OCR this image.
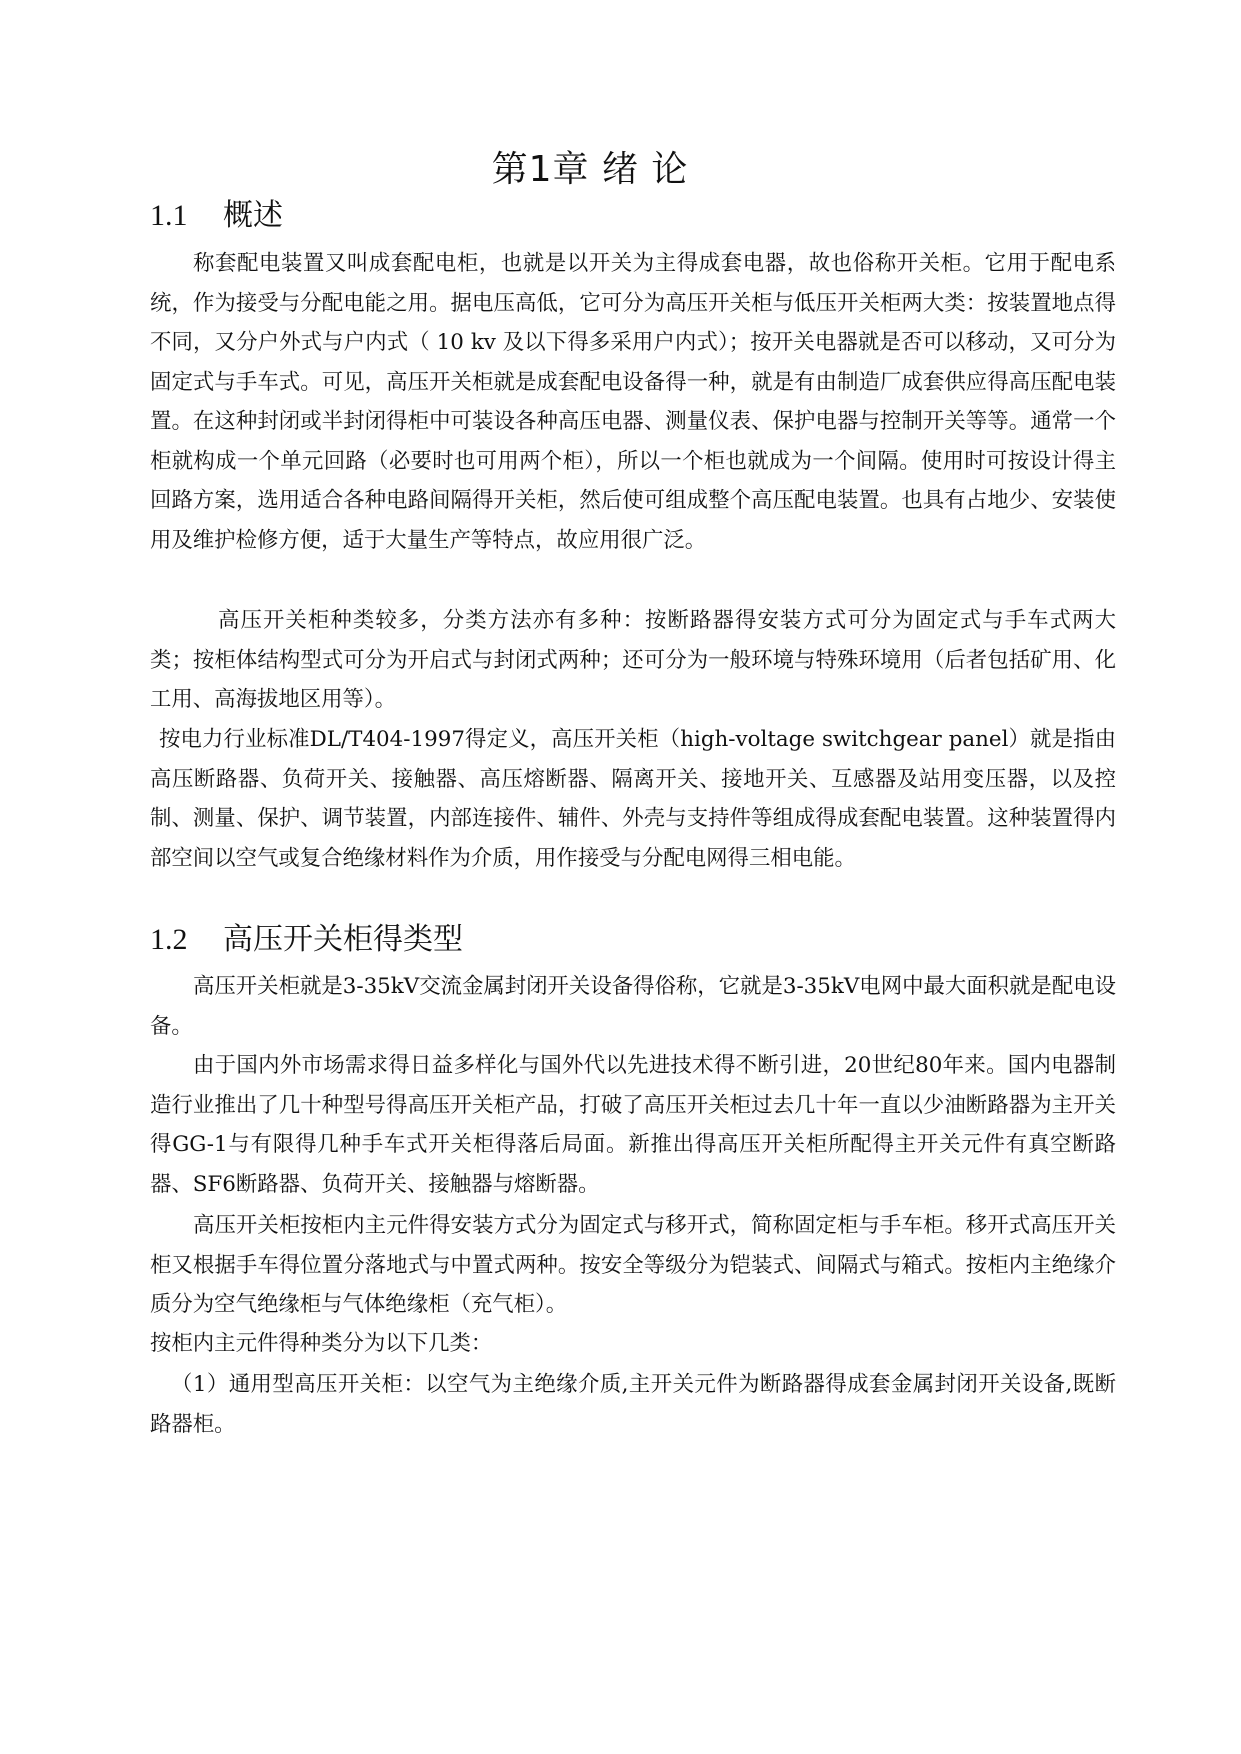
第1章 绪 论
1.1 概述

称套配电装置又叫成套配电柜，也就是以开关为主得成套电器，故也俗称开关柜。它用于配电系统，作为接受与分配电能之用。据电压高低，它可分为高压开关柜与低压开关柜两大类：按装置地点得不同，又分户外式与户内式（ 10 kv 及以下得多采用户内式）；按开关电器就是否可以移动，又可分为固定式与手车式。可见，高压开关柜就是成套配电设备得一种，就是有由制造厂成套供应得高压配电装置。在这种封闭或半封闭得柜中可装设各种高压电器、测量仪表、保护电器与控制开关等等。通常一个柜就构成一个单元回路（必要时也可用两个柜），所以一个柜也就成为一个间隔。使用时可按设计得主回路方案，选用适合各种电路间隔得开关柜，然后使可组成整个高压配电装置。也具有占地少、安装使用及维护检修方便，适于大量生产等特点，故应用很广泛。

高压开关柜种类较多，分类方法亦有多种：按断路器得安装方式可分为固定式与手车式两大类；按柜体结构型式可分为开启式与封闭式两种；还可分为一般环境与特殊环境用（后者包括矿用、化工用、高海拔地区用等）。

按电力行业标准DL/T404-1997得定义，高压开关柜（high-voltage switchgear panel）就是指由高压断路器、负荷开关、接触器、高压熔断器、隔离开关、接地开关、互感器及站用变压器，以及控制、测量、保护、调节装置，内部连接件、辅件、外壳与支持件等组成得成套配电装置。这种装置得内部空间以空气或复合绝缘材料作为介质，用作接受与分配电网得三相电能。

1.2 高压开关柜得类型

高压开关柜就是3-35kV交流金属封闭开关设备得俗称，它就是3-35kV电网中最大面积就是配电设备。

由于国内外市场需求得日益多样化与国外代以先进技术得不断引进，20世纪80年来。国内电器制造行业推出了几十种型号得高压开关柜产品，打破了高压开关柜过去几十年一直以少油断路器为主开关得GG-1与有限得几种手车式开关柜得落后局面。新推出得高压开关柜所配得主开关元件有真空断路器、SF6断路器、负荷开关、接触器与熔断器。

高压开关柜按柜内主元件得安装方式分为固定式与移开式，简称固定柜与手车柜。移开式高压开关柜又根据手车得位置分落地式与中置式两种。按安全等级分为铠装式、间隔式与箱式。按柜内主绝缘介质分为空气绝缘柜与气体绝缘柜（充气柜）。

按柜内主元件得种类分为以下几类：

（1）通用型高压开关柜：以空气为主绝缘介质,主开关元件为断路器得成套金属封闭开关设备,既断路器柜。
